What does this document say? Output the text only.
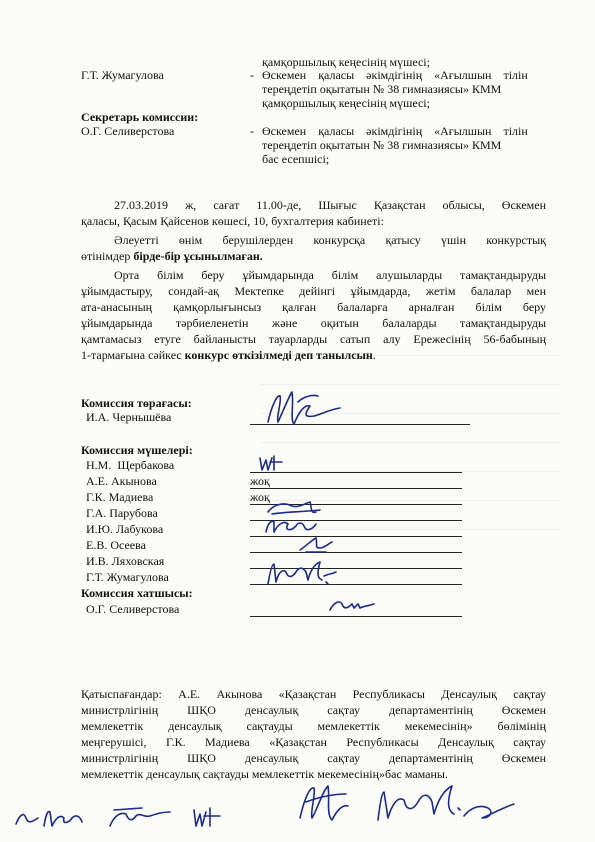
қамқоршылық кеңесінің мүшесі;
Г.Т. Жумагулова	- Өскемен    қаласы    әкімдігінің    «Ағылшын    тілін
тереңдетіп оқытатын № 38 гимназиясы» КММ
қамқоршылық кеңесінің мүшесі;
Секретарь комиссии:
О.Г. Селиверстова	- Өскемен    қаласы    әкімдігінің    «Ағылшын    тілін
тереңдетіп оқытатын № 38 гимназиясы» КММ
бас есепшісі;
27.03.2019 ж, сағат 11.00-де, Шығыс Қазақстан облысы, Өскемен
қаласы, Қасым Қайсенов көшесі, 10, бухгалтерия кабинеті:
Әлеуетті өнім берушілерден конкурсқа қатысу үшін конкурстық
өтінімдер бірде-бір ұсынылмаған.
Орта білім беру ұйымдарында білім алушыларды тамақтандыруды
ұйымдастыру, сондай-ақ Мектепке дейінгі ұйымдарда, жетім балалар мен
ата-анасының қамқорлығынсыз қалған балаларға арналған білім беру
ұйымдарында тәрбиеленетін және оқитын балаларды тамақтандыруды
қамтамасыз етуге байланысты тауарларды сатып алу Ережесінің 56-бабының
1-тармағына сәйкес конкурс өткізілмеді деп танылсын.
Комиссия төрағасы:
И.А. Чернышёва
Комиссия мүшелері:
Н.М.  Щербакова
А.Е. Акынова	жоқ
Г.К. Мадиева	жоқ
Г.А. Парубова
И.Ю. Лабукова
Е.В. Осеева
И.В. Ляховская
Г.Т. Жумагулова
Комиссия хатшысы:
О.Г. Селиверстова
Қатыспағандар: А.Е. Акынова «Қазақстан Республикасы Денсаулық сақтау
министрлігінің    ШҚО    денсаулық    сақтау    департаментінің    Өскемен
мемлекеттік денсаулық сақтауды мемлекеттік мекемесінің» бөлімінің
меңгерушісі, Г.К. Мадиева «Қазақстан Республикасы Денсаулық сақтау
министрлігінің    ШҚО    денсаулық    сақтау    департаментінің    Өскемен
мемлекеттік денсаулық сақтауды мемлекеттік мекемесінің»бас маманы.
